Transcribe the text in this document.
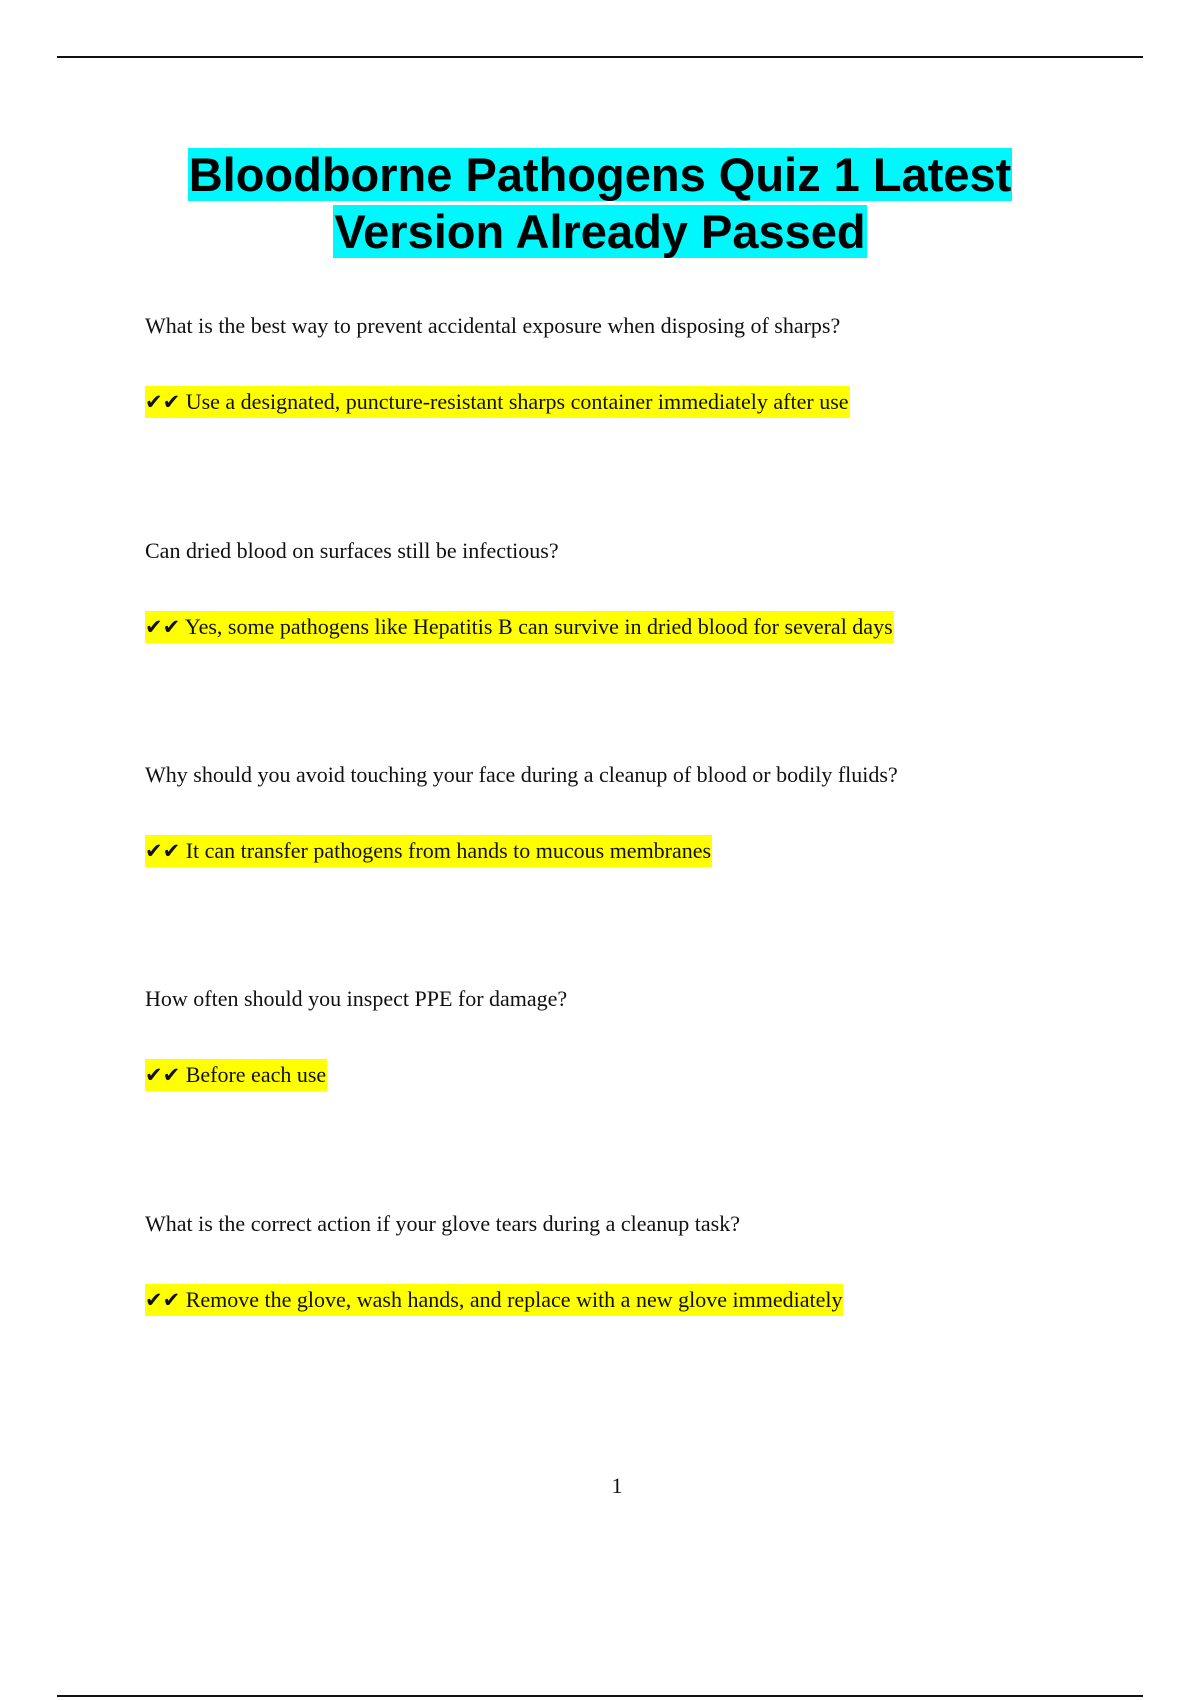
Bloodborne Pathogens Quiz 1 Latest
Version Already Passed

What is the best way to prevent accidental exposure when disposing of sharps?

✔✔ Use a designated, puncture-resistant sharps container immediately after use

Can dried blood on surfaces still be infectious?

✔✔ Yes, some pathogens like Hepatitis B can survive in dried blood for several days

Why should you avoid touching your face during a cleanup of blood or bodily fluids?

✔✔ It can transfer pathogens from hands to mucous membranes

How often should you inspect PPE for damage?

✔✔ Before each use

What is the correct action if your glove tears during a cleanup task?

✔✔ Remove the glove, wash hands, and replace with a new glove immediately
1
